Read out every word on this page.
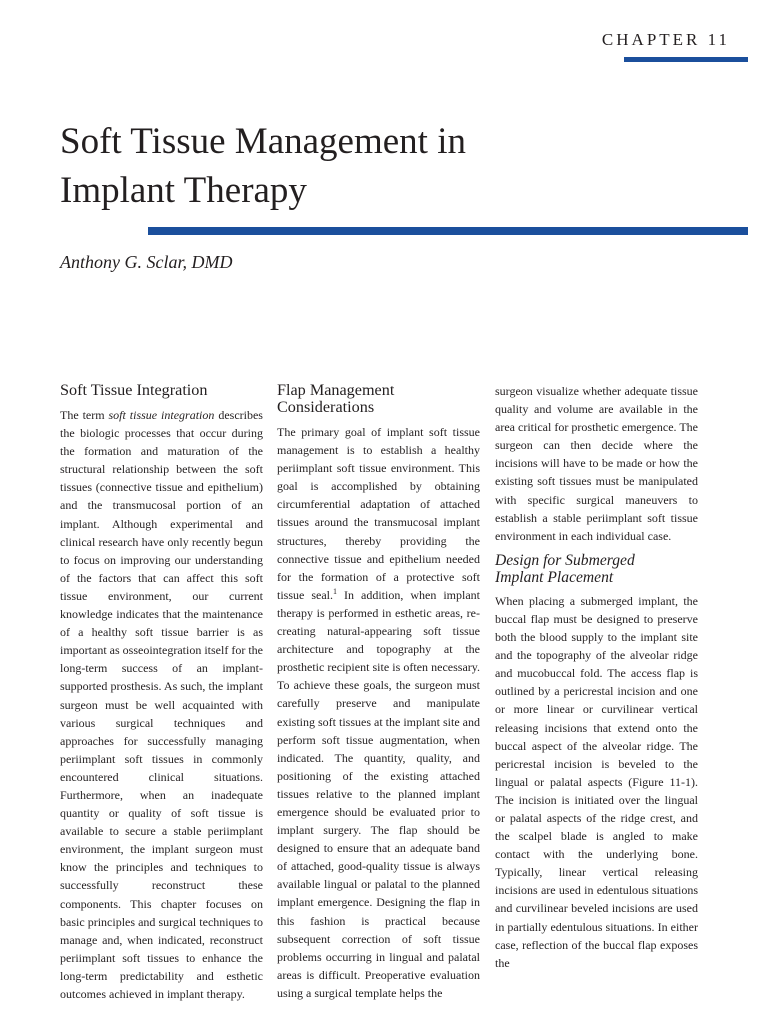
CHAPTER 11
Soft Tissue Management in
Implant Therapy
Anthony G. Sclar, DMD
Soft Tissue Integration

The term soft tissue integration describes the biologic processes that occur during the formation and maturation of the structural relationship between the soft tissues (connective tissue and epithelium) and the transmucosal portion of an implant. Although experimental and clinical research have only recently begun to focus on improving our understanding of the factors that can affect this soft tissue environment, our current knowledge indicates that the maintenance of a healthy soft tissue barrier is as important as osseointegration itself for the long-term success of an implant-supported prosthesis. As such, the implant surgeon must be well acquainted with various surgical techniques and approaches for successfully managing periimplant soft tissues in commonly encountered clinical situations. Furthermore, when an inadequate quantity or quality of soft tissue is available to secure a stable periimplant environment, the implant surgeon must know the principles and techniques to successfully reconstruct these components. This chapter focuses on basic principles and surgical techniques to manage and, when indicated, reconstruct periimplant soft tissues to enhance the long-term predictability and esthetic outcomes achieved in implant therapy.

Flap Management
Considerations

The primary goal of implant soft tissue management is to establish a healthy periimplant soft tissue environment. This goal is accomplished by obtaining circumferential adaptation of attached tissues around the transmucosal implant structures, thereby providing the connective tissue and epithelium needed for the formation of a protective soft tissue seal.$^1$ In addition, when implant therapy is performed in esthetic areas, re-creating natural-appearing soft tissue architecture and topography at the prosthetic recipient site is often necessary. To achieve these goals, the surgeon must carefully preserve and manipulate existing soft tissues at the implant site and perform soft tissue augmentation, when indicated. The quantity, quality, and positioning of the existing attached tissues relative to the planned implant emergence should be evaluated prior to implant surgery. The flap should be designed to ensure that an adequate band of attached, good-quality tissue is always available lingual or palatal to the planned implant emergence. Designing the flap in this fashion is practical because subsequent correction of soft tissue problems occurring in lingual and palatal areas is difficult. Preoperative evaluation using a surgical template helps the

surgeon visualize whether adequate tissue quality and volume are available in the area critical for prosthetic emergence. The surgeon can then decide where the incisions will have to be made or how the existing soft tissues must be manipulated with specific surgical maneuvers to establish a stable periimplant soft tissue environment in each individual case.

Design for Submerged
Implant Placement

When placing a submerged implant, the buccal flap must be designed to preserve both the blood supply to the implant site and the topography of the alveolar ridge and mucobuccal fold. The access flap is outlined by a pericrestal incision and one or more linear or curvilinear vertical releasing incisions that extend onto the buccal aspect of the alveolar ridge. The pericrestal incision is beveled to the lingual or palatal aspects (Figure 11-1). The incision is initiated over the lingual or palatal aspects of the ridge crest, and the scalpel blade is angled to make contact with the underlying bone. Typically, linear vertical releasing incisions are used in edentulous situations and curvilinear beveled incisions are used in partially edentulous situations. In either case, reflection of the buccal flap exposes the
